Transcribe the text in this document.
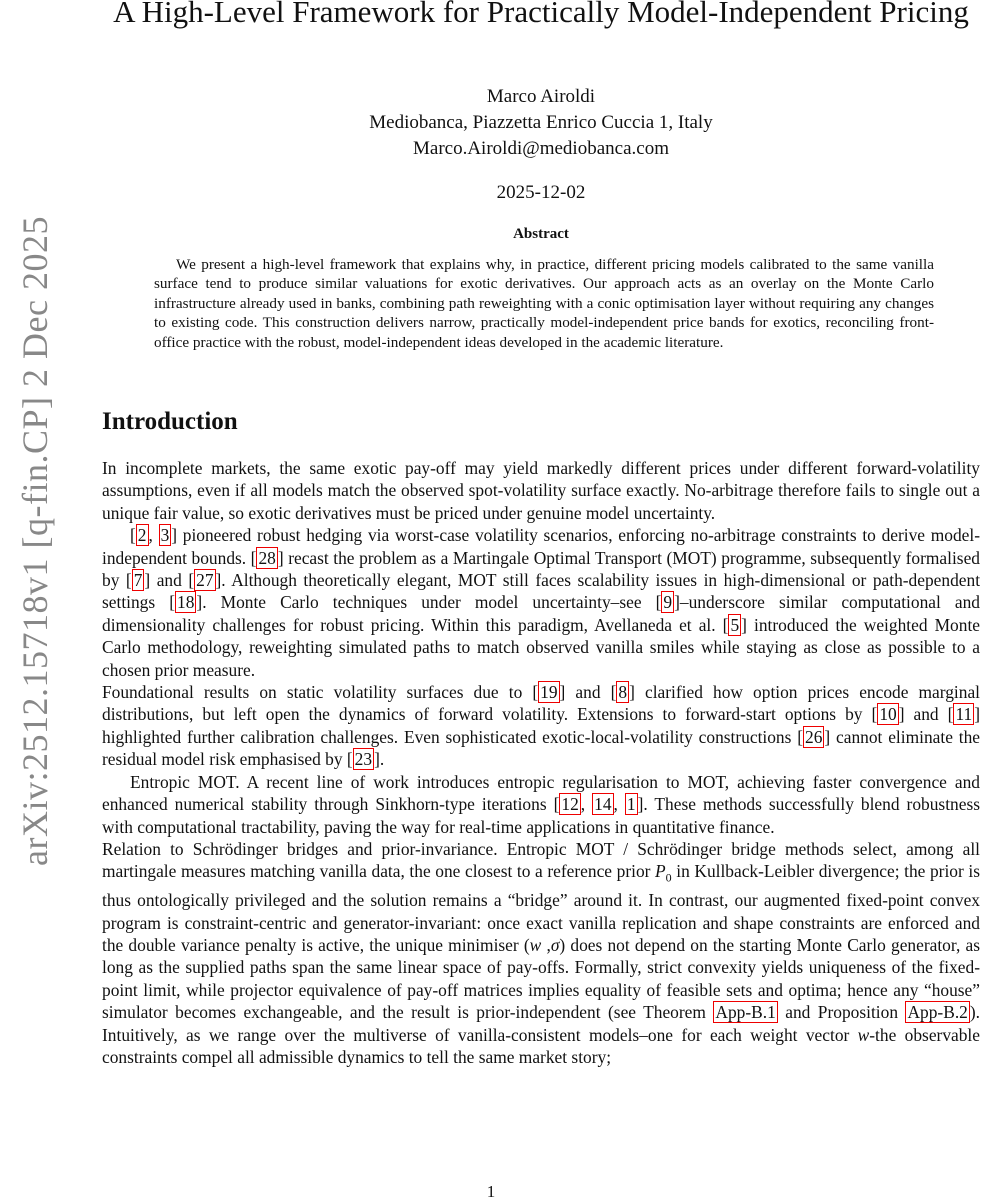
arXiv:2512.15718v1 [q-fin.CP] 2 Dec 2025
A High-Level Framework for Practically Model-Independent Pricing
Marco Airoldi
Mediobanca, Piazzetta Enrico Cuccia 1, Italy
Marco.Airoldi@mediobanca.com
2025-12-02
Abstract
We present a high-level framework that explains why, in practice, different pricing models calibrated to the same vanilla surface tend to produce similar valuations for exotic derivatives. Our approach acts as an overlay on the Monte Carlo infrastructure already used in banks, combining path reweighting with a conic optimisation layer without requiring any changes to existing code. This construction delivers narrow, practically model-independent price bands for exotics, reconciling front-office practice with the robust, model-independent ideas developed in the academic literature.
Introduction

In incomplete markets, the same exotic pay-off may yield markedly different prices under different forward-volatility assumptions, even if all models match the observed spot-volatility surface exactly. No-arbitrage therefore fails to single out a unique fair value, so exotic derivatives must be priced under genuine model uncertainty.

[ 2 , 3 ] pioneered robust hedging via worst-case volatility scenarios, enforcing no-arbitrage constraints to derive model-independent bounds. [ 28 ] recast the problem as a Martingale Optimal Transport (MOT) programme, subsequently formalised by [ 7 ] and [ 27 ]. Although theoretically elegant, MOT still faces scalability issues in high-dimensional or path-dependent settings [ 18 ]. Monte Carlo techniques under model uncertainty–see [ 9 ]–underscore similar computational and dimensionality challenges for robust pricing. Within this paradigm, Avellaneda et al. [ 5 ] introduced the weighted Monte Carlo methodology, reweighting simulated paths to match observed vanilla smiles while staying as close as possible to a chosen prior measure.

Foundational results on static volatility surfaces due to [ 19 ] and [ 8 ] clarified how option prices encode marginal distributions, but left open the dynamics of forward volatility. Extensions to forward-start options by [ 10 ] and [ 11 ] highlighted further calibration challenges. Even sophisticated exotic-local-volatility constructions [ 26 ] cannot eliminate the residual model risk emphasised by [ 23 ].

Entropic MOT. A recent line of work introduces entropic regularisation to MOT, achieving faster convergence and enhanced numerical stability through Sinkhorn-type iterations [ 12 , 14 , 1 ]. These methods successfully blend robustness with computational tractability, paving the way for real-time applications in quantitative finance.

Relation to Schrödinger bridges and prior-invariance. Entropic MOT / Schrödinger bridge methods select, among all martingale measures matching vanilla data, the one closest to a reference prior $P_0$ in Kullback-Leibler divergence; the prior is thus ontologically privileged and the solution remains a “bridge” around it. In contrast, our augmented fixed-point convex program is constraint-centric and generator-invariant: once exact vanilla replication and shape constraints are enforced and the double variance penalty is active, the unique minimiser (w ,σ) does not depend on the starting Monte Carlo generator, as long as the supplied paths span the same linear space of pay-offs. Formally, strict convexity yields uniqueness of the fixed-point limit, while projector equivalence of pay-off matrices implies equality of feasible sets and optima; hence any “house” simulator becomes exchangeable, and the result is prior-independent (see Theorem App-B.1 and Proposition App-B.2 ). Intuitively, as we range over the multiverse of vanilla-consistent models–one for each weight vector w-the observable constraints compel all admissible dynamics to tell the same market story;

1
